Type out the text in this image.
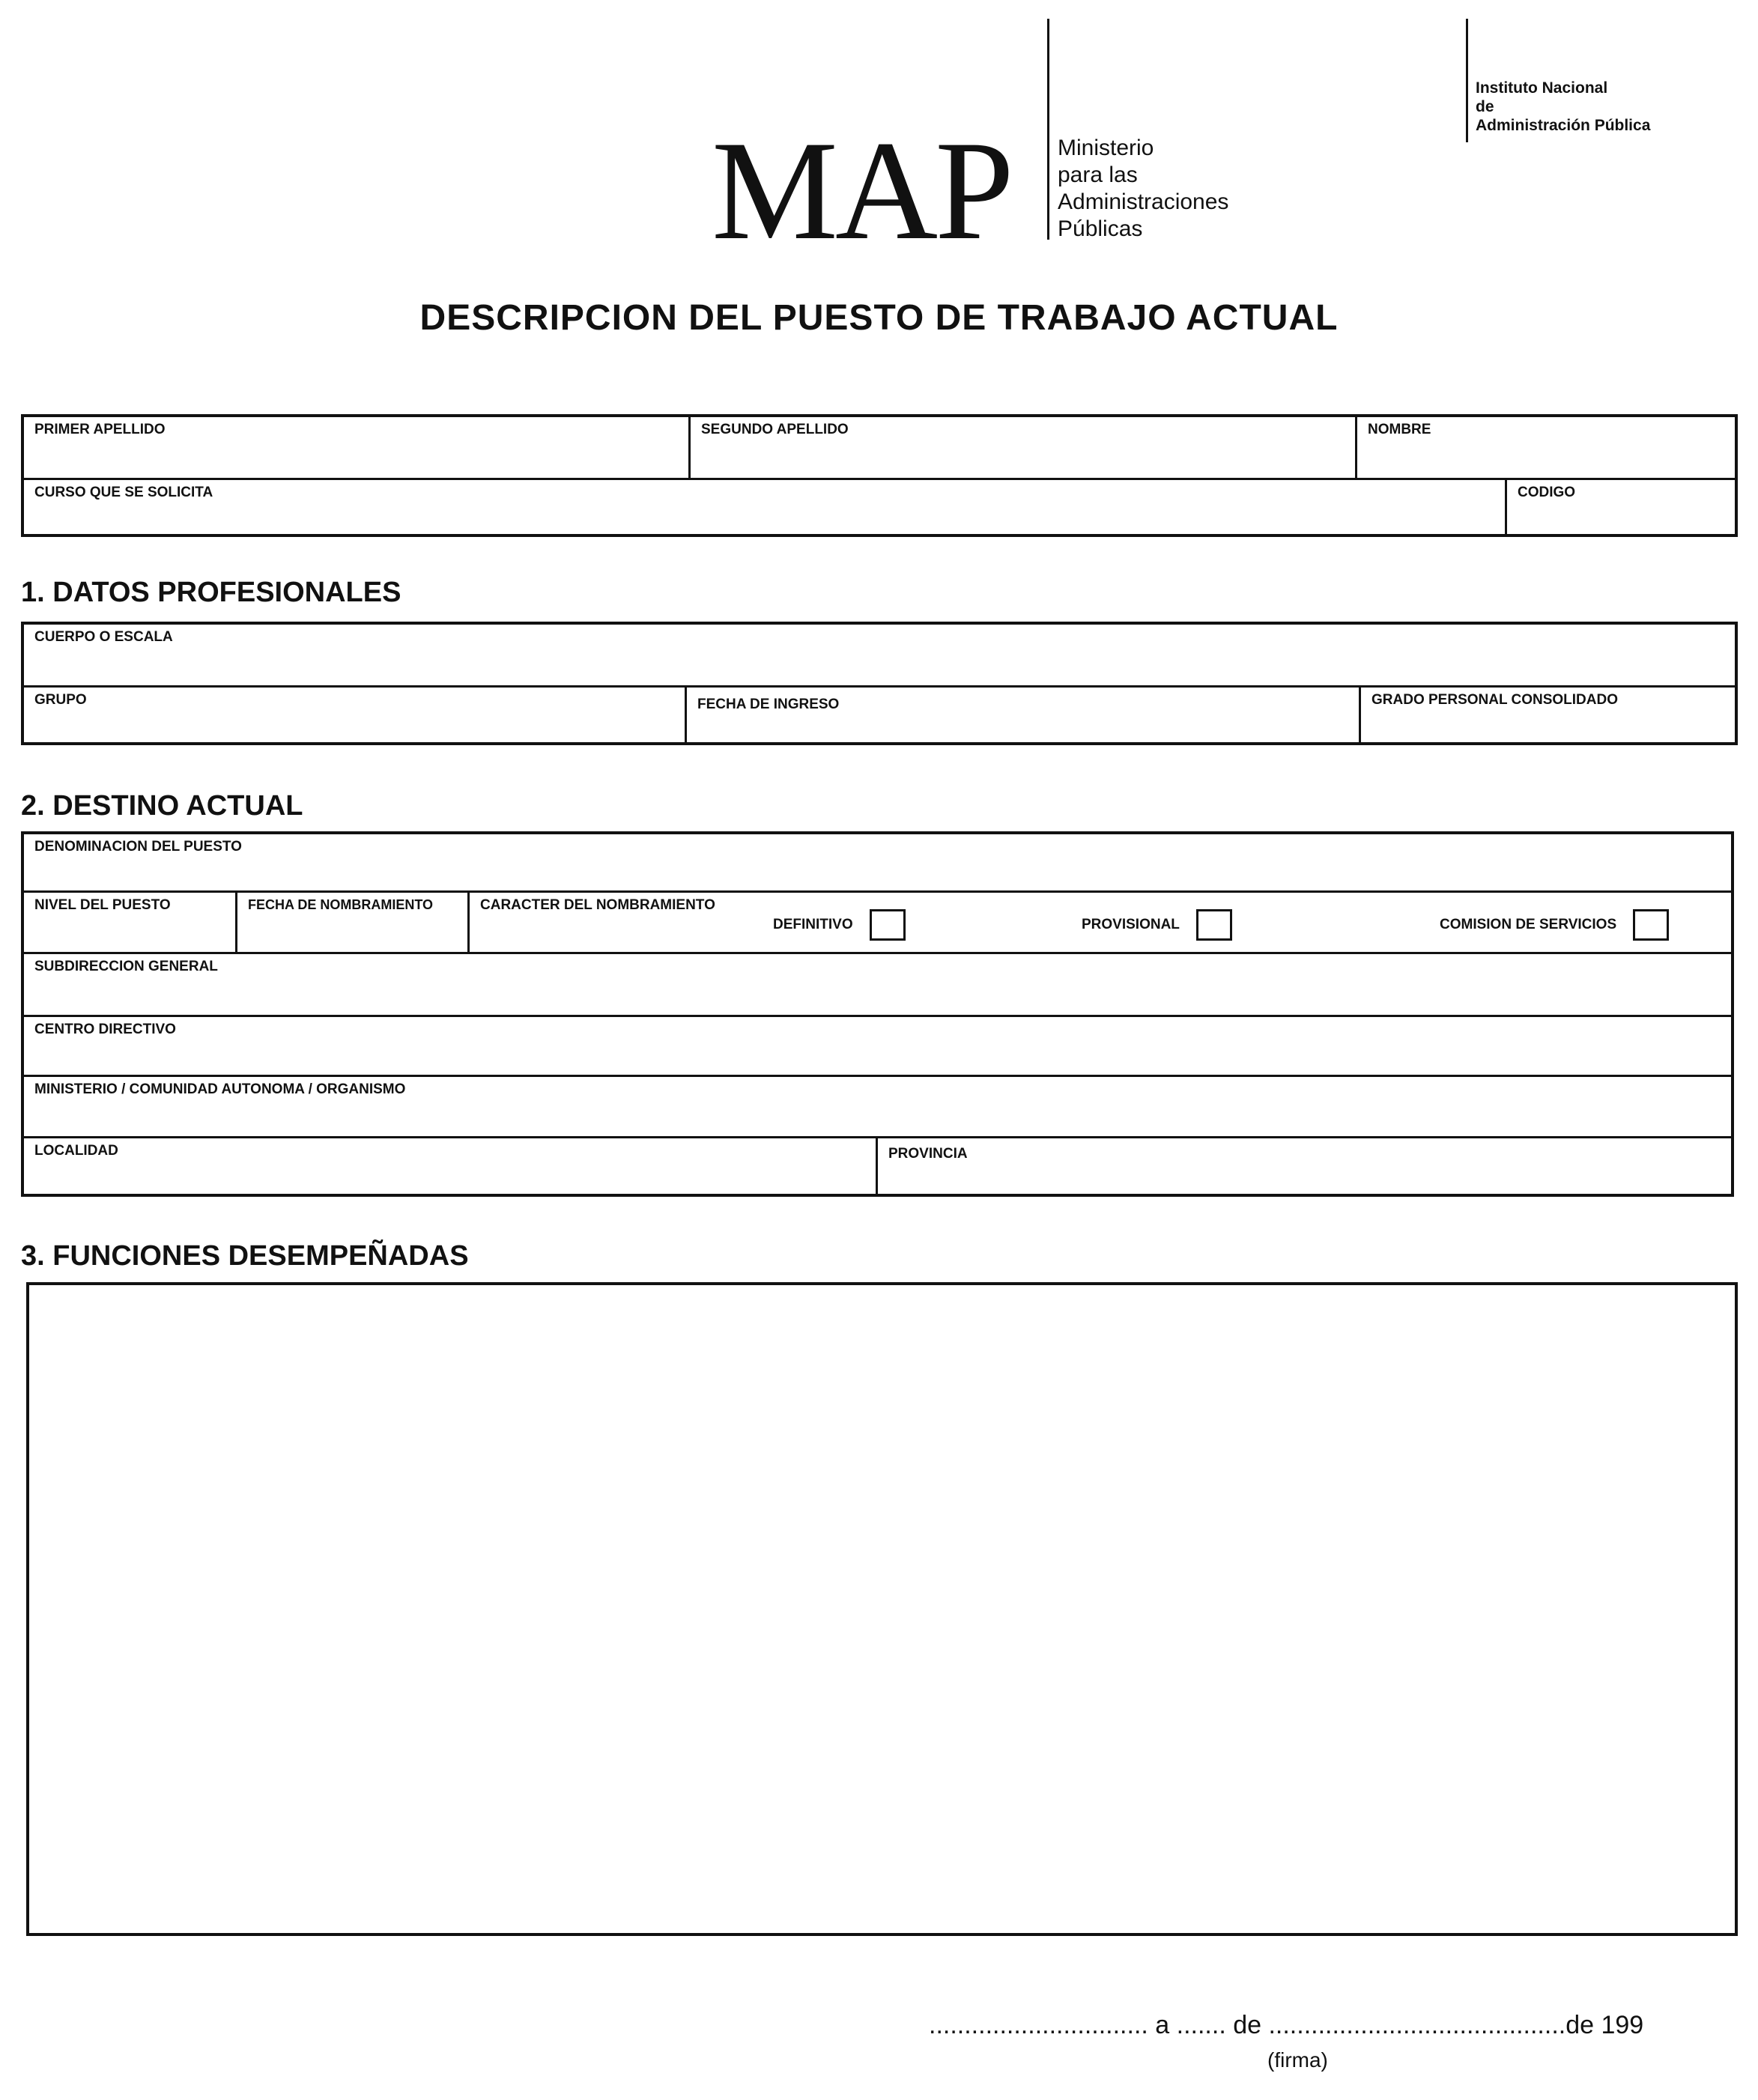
MAP Ministerio
para las
Administraciones
Públicas
Instituto Nacional
de
Administración Pública
DESCRIPCION DEL PUESTO DE TRABAJO ACTUAL
PRIMER APELLIDO	SEGUNDO APELLIDO	NOMBRE
CURSO QUE SE SOLICITA	CODIGO
1. DATOS PROFESIONALES
CUERPO O ESCALA
GRUPO	FECHA DE INGRESO	GRADO PERSONAL CONSOLIDADO
2. DESTINO ACTUAL
DENOMINACION DEL PUESTO
NIVEL DEL PUESTO	FECHA DE NOMBRAMIENTO	CARACTER DEL NOMBRAMIENTO
DEFINITIVO	PROVISIONAL	COMISION DE SERVICIOS
SUBDIRECCION GENERAL
CENTRO DIRECTIVO
MINISTERIO / COMUNIDAD AUTONOMA / ORGANISMO
LOCALIDAD	PROVINCIA
3. FUNCIONES DESEMPEÑADAS
............................... a ....... de ..........................................de 199
(firma)
